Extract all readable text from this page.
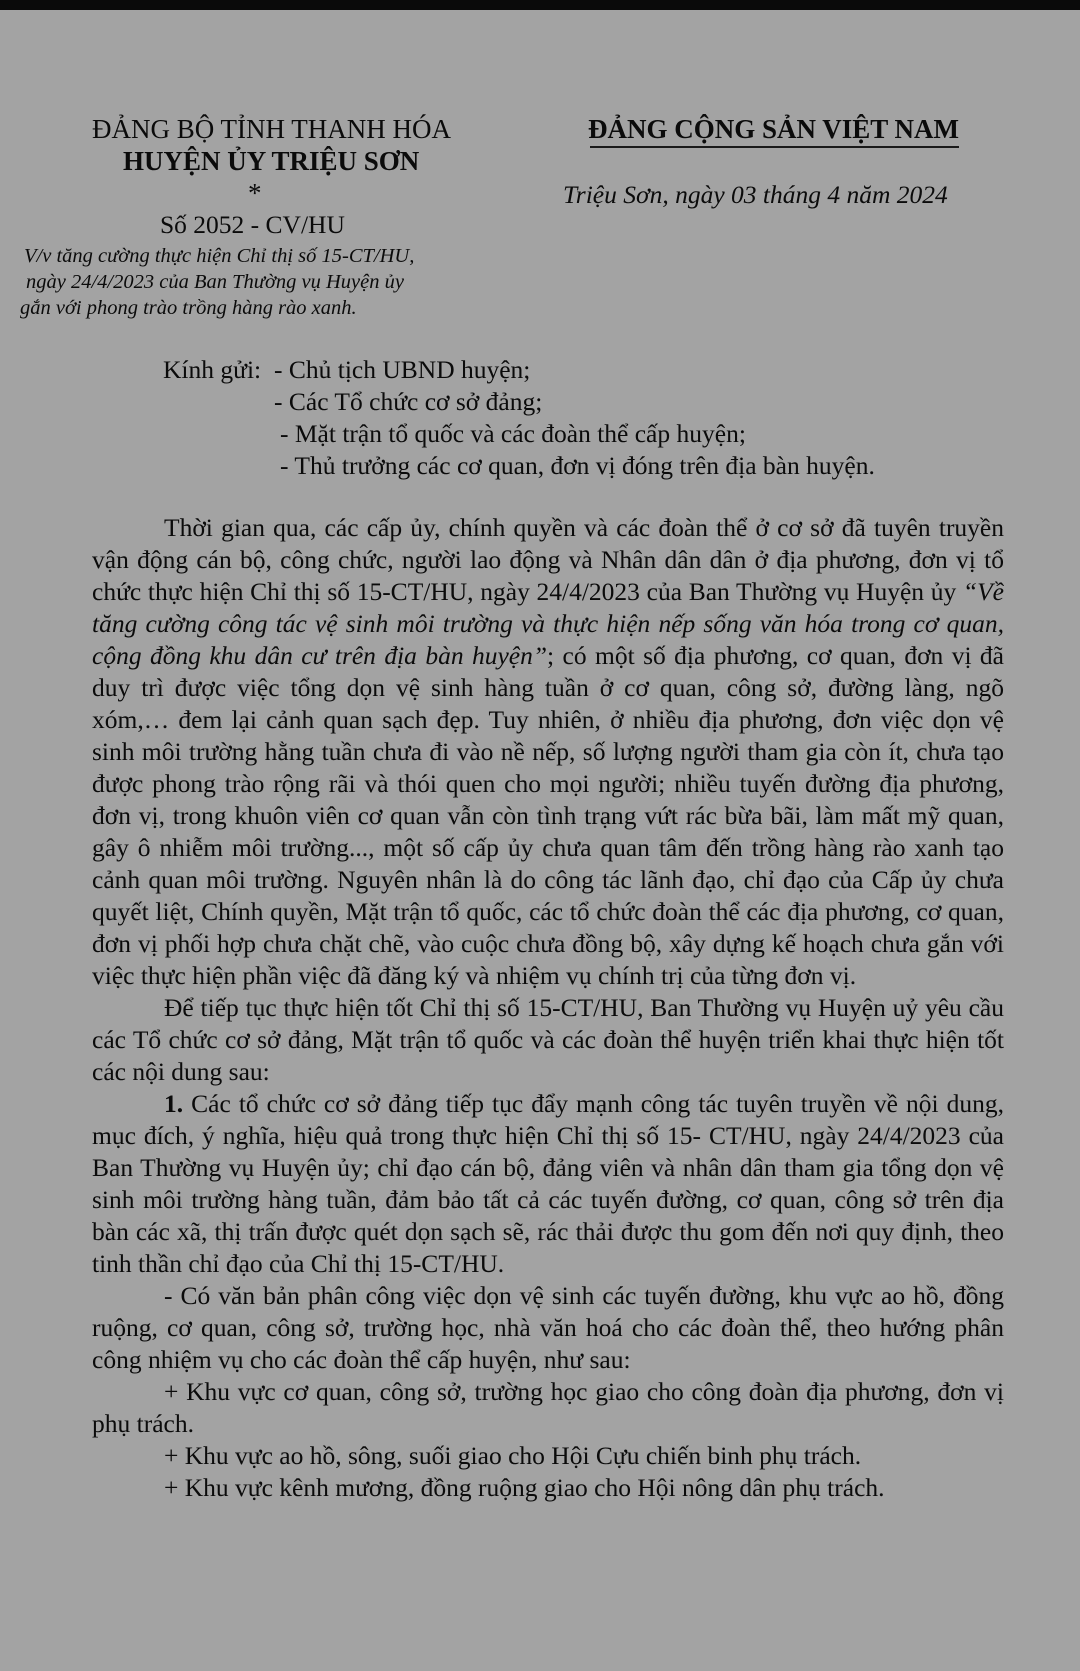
ĐẢNG BỘ TỈNH THANH HÓA
HUYỆN ỦY TRIỆU SƠN
*
Số 2052 - CV/HU
V/v tăng cường thực hiện Chỉ thị số 15-CT/HU,
ngày 24/4/2023 của Ban Thường vụ Huyện ủy
gắn với phong trào trồng hàng rào xanh.
ĐẢNG CỘNG SẢN VIỆT NAM
Triệu Sơn, ngày 03 tháng 4 năm 2024
Kính gửi: - Chủ tịch UBND huyện;
- Các Tổ chức cơ sở đảng;
- Mặt trận tổ quốc và các đoàn thể cấp huyện;
- Thủ trưởng các cơ quan, đơn vị đóng trên địa bàn huyện.

Thời gian qua, các cấp ủy, chính quyền và các đoàn thể ở cơ sở đã tuyên truyền vận động cán bộ, công chức, người lao động và Nhân dân dân ở địa phương, đơn vị tổ chức thực hiện Chỉ thị số 15-CT/HU, ngày 24/4/2023 của Ban Thường vụ Huyện ủy “Về tăng cường công tác vệ sinh môi trường và thực hiện nếp sống văn hóa trong cơ quan, cộng đồng khu dân cư trên địa bàn huyện”; có một số địa phương, cơ quan, đơn vị đã duy trì được việc tổng dọn vệ sinh hàng tuần ở cơ quan, công sở, đường làng, ngõ xóm,… đem lại cảnh quan sạch đẹp. Tuy nhiên, ở nhiều địa phương, đơn việc dọn vệ sinh môi trường hằng tuần chưa đi vào nề nếp, số lượng người tham gia còn ít, chưa tạo được phong trào rộng rãi và thói quen cho mọi người; nhiều tuyến đường địa phương, đơn vị, trong khuôn viên cơ quan vẫn còn tình trạng vứt rác bừa bãi, làm mất mỹ quan, gây ô nhiễm môi trường..., một số cấp ủy chưa quan tâm đến trồng hàng rào xanh tạo cảnh quan môi trường. Nguyên nhân là do công tác lãnh đạo, chỉ đạo của Cấp ủy chưa quyết liệt, Chính quyền, Mặt trận tổ quốc, các tổ chức đoàn thể các địa phương, cơ quan, đơn vị phối hợp chưa chặt chẽ, vào cuộc chưa đồng bộ, xây dựng kế hoạch chưa gắn với việc thực hiện phần việc đã đăng ký và nhiệm vụ chính trị của từng đơn vị.

Để tiếp tục thực hiện tốt Chỉ thị số 15-CT/HU, Ban Thường vụ Huyện uỷ yêu cầu các Tổ chức cơ sở đảng, Mặt trận tổ quốc và các đoàn thể huyện triển khai thực hiện tốt các nội dung sau:

1. Các tổ chức cơ sở đảng tiếp tục đẩy mạnh công tác tuyên truyền về nội dung, mục đích, ý nghĩa, hiệu quả trong thực hiện Chỉ thị số 15- CT/HU, ngày 24/4/2023 của Ban Thường vụ Huyện ủy; chỉ đạo cán bộ, đảng viên và nhân dân tham gia tổng dọn vệ sinh môi trường hàng tuần, đảm bảo tất cả các tuyến đường, cơ quan, công sở trên địa bàn các xã, thị trấn được quét dọn sạch sẽ, rác thải được thu gom đến nơi quy định, theo tinh thần chỉ đạo của Chỉ thị 15-CT/HU.

- Có văn bản phân công việc dọn vệ sinh các tuyến đường, khu vực ao hồ, đồng ruộng, cơ quan, công sở, trường học, nhà văn hoá cho các đoàn thể, theo hướng phân công nhiệm vụ cho các đoàn thể cấp huyện, như sau:

+ Khu vực cơ quan, công sở, trường học giao cho công đoàn địa phương, đơn vị phụ trách.

+ Khu vực ao hồ, sông, suối giao cho Hội Cựu chiến binh phụ trách.

+ Khu vực kênh mương, đồng ruộng giao cho Hội nông dân phụ trách.
